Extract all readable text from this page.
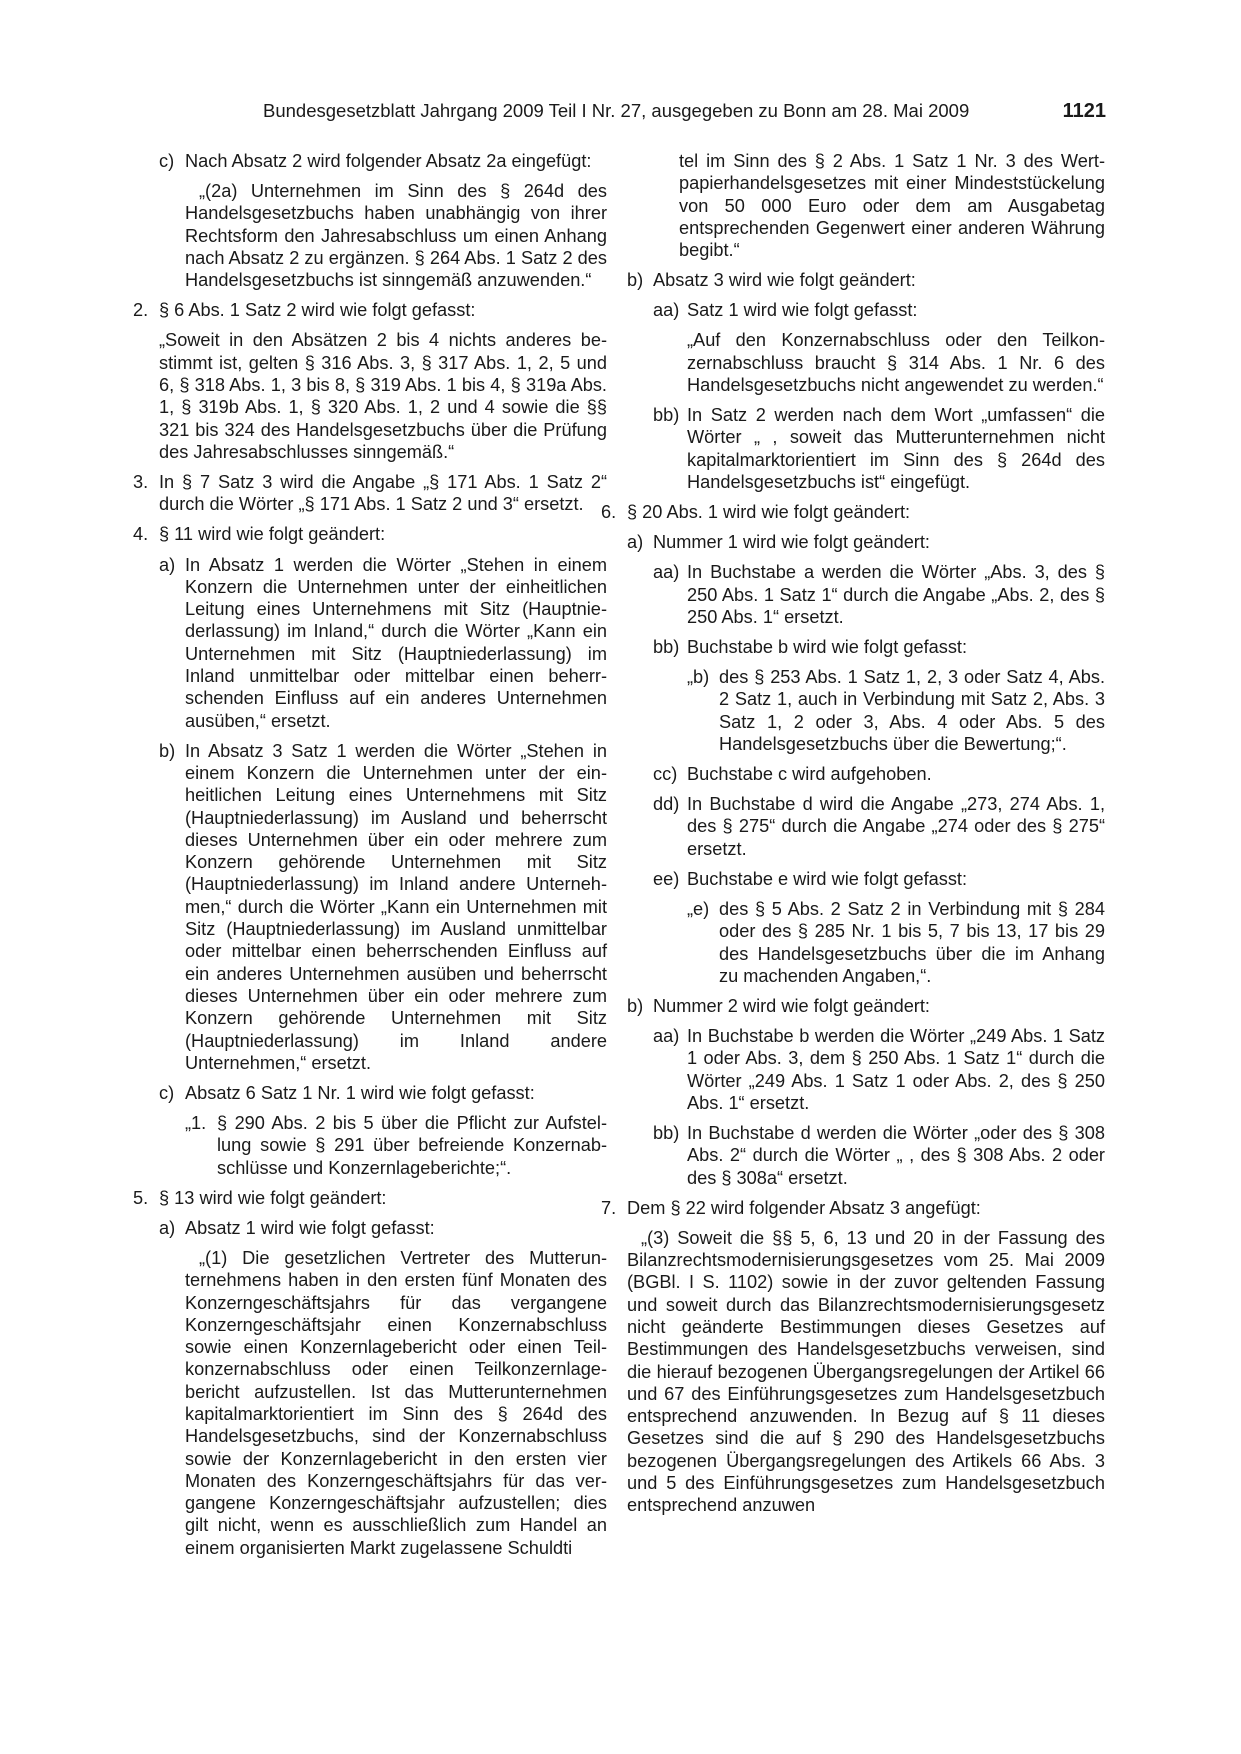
Bundesgesetzblatt Jahrgang 2009 Teil I Nr. 27, ausgegeben zu Bonn am 28. Mai 2009	1121
c) Nach Absatz 2 wird folgender Absatz 2a eingefügt:
„(2a) Unternehmen im Sinn des § 264d des Handelsgesetzbuchs haben unabhängig von ihrer Rechtsform den Jahresabschluss um einen Anhang nach Absatz 2 zu ergänzen. § 264 Abs. 1 Satz 2 des Handelsgesetzbuchs ist sinngemäß anzuwenden.“
2. § 6 Abs. 1 Satz 2 wird wie folgt gefasst:
„Soweit in den Absätzen 2 bis 4 nichts anderes bestimmt ist, gelten § 316 Abs. 3, § 317 Abs. 1, 2, 5 und 6, § 318 Abs. 1, 3 bis 8, § 319 Abs. 1 bis 4, § 319a Abs. 1, § 319b Abs. 1, § 320 Abs. 1, 2 und 4 sowie die §§ 321 bis 324 des Handelsgesetzbuchs über die Prüfung des Jahresabschlusses sinngemäß.“
3. In § 7 Satz 3 wird die Angabe „§ 171 Abs. 1 Satz 2“ durch die Wörter „§ 171 Abs. 1 Satz 2 und 3“ ersetzt.
4. § 11 wird wie folgt geändert:
a) In Absatz 1 werden die Wörter „Stehen in einem Konzern die Unternehmen unter der einheitlichen Leitung eines Unternehmens mit Sitz (Hauptniederlassung) im Inland,“ durch die Wörter „Kann ein Unternehmen mit Sitz (Hauptniederlassung) im Inland unmittelbar oder mittelbar einen beherrschenden Einfluss auf ein anderes Unternehmen ausüben,“ ersetzt.
b) In Absatz 3 Satz 1 werden die Wörter „Stehen in einem Konzern die Unternehmen unter der einheitlichen Leitung eines Unternehmens mit Sitz (Hauptniederlassung) im Ausland und beherrscht dieses Unternehmen über ein oder mehrere zum Konzern gehörende Unternehmen mit Sitz (Hauptniederlassung) im Inland andere Unternehmen,“ durch die Wörter „Kann ein Unternehmen mit Sitz (Hauptniederlassung) im Ausland unmittelbar oder mittelbar einen beherrschenden Einfluss auf ein anderes Unternehmen ausüben und beherrscht dieses Unternehmen über ein oder mehrere zum Konzern gehörende Unternehmen mit Sitz (Hauptniederlassung) im Inland andere Unternehmen,“ ersetzt.
c) Absatz 6 Satz 1 Nr. 1 wird wie folgt gefasst:
„1. § 290 Abs. 2 bis 5 über die Pflicht zur Aufstellung sowie § 291 über befreiende Konzernabschlüsse und Konzernlageberichte;“.
5. § 13 wird wie folgt geändert:
a) Absatz 1 wird wie folgt gefasst:
„(1) Die gesetzlichen Vertreter des Mutterunternehmens haben in den ersten fünf Monaten des Konzerngeschäftsjahrs für das vergangene Konzerngeschäftsjahr einen Konzernabschluss sowie einen Konzernlagebericht oder einen Teilkonzernabschluss oder einen Teilkonzernlagebericht aufzustellen. Ist das Mutterunternehmen kapitalmarktorientiert im Sinn des § 264d des Handelsgesetzbuchs, sind der Konzernabschluss sowie der Konzernlagebericht in den ersten vier Monaten des Konzerngeschäftsjahrs für das vergangene Konzerngeschäftsjahr aufzustellen; dies gilt nicht, wenn es ausschließlich zum Handel an einem organisierten Markt zugelassene Schuldti
tel im Sinn des § 2 Abs. 1 Satz 1 Nr. 3 des Wertpapierhandelsgesetzes mit einer Mindeststückelung von 50 000 Euro oder dem am Ausgabetag entsprechenden Gegenwert einer anderen Währung begibt.“
b) Absatz 3 wird wie folgt geändert:
aa) Satz 1 wird wie folgt gefasst:
„Auf den Konzernabschluss oder den Teilkonzernabschluss braucht § 314 Abs. 1 Nr. 6 des Handelsgesetzbuchs nicht angewendet zu werden.“
bb) In Satz 2 werden nach dem Wort „umfassen“ die Wörter „ , soweit das Mutterunternehmen nicht kapitalmarktorientiert im Sinn des § 264d des Handelsgesetzbuchs ist“ eingefügt.
6. § 20 Abs. 1 wird wie folgt geändert:
a) Nummer 1 wird wie folgt geändert:
aa) In Buchstabe a werden die Wörter „Abs. 3, des § 250 Abs. 1 Satz 1“ durch die Angabe „Abs. 2, des § 250 Abs. 1“ ersetzt.
bb) Buchstabe b wird wie folgt gefasst:
„b) des § 253 Abs. 1 Satz 1, 2, 3 oder Satz 4, Abs. 2 Satz 1, auch in Verbindung mit Satz 2, Abs. 3 Satz 1, 2 oder 3, Abs. 4 oder Abs. 5 des Handelsgesetzbuchs über die Bewertung;“.
cc) Buchstabe c wird aufgehoben.
dd) In Buchstabe d wird die Angabe „273, 274 Abs. 1, des § 275“ durch die Angabe „274 oder des § 275“ ersetzt.
ee) Buchstabe e wird wie folgt gefasst:
„e) des § 5 Abs. 2 Satz 2 in Verbindung mit § 284 oder des § 285 Nr. 1 bis 5, 7 bis 13, 17 bis 29 des Handelsgesetzbuchs über die im Anhang zu machenden Angaben,“.
b) Nummer 2 wird wie folgt geändert:
aa) In Buchstabe b werden die Wörter „249 Abs. 1 Satz 1 oder Abs. 3, dem § 250 Abs. 1 Satz 1“ durch die Wörter „249 Abs. 1 Satz 1 oder Abs. 2, des § 250 Abs. 1“ ersetzt.
bb) In Buchstabe d werden die Wörter „oder des § 308 Abs. 2“ durch die Wörter „ , des § 308 Abs. 2 oder des § 308a“ ersetzt.
7. Dem § 22 wird folgender Absatz 3 angefügt:
„(3) Soweit die §§ 5, 6, 13 und 20 in der Fassung des Bilanzrechtsmodernisierungsgesetzes vom 25. Mai 2009 (BGBl. I S. 1102) sowie in der zuvor geltenden Fassung und soweit durch das Bilanzrechtsmodernisierungsgesetz nicht geänderte Bestimmungen dieses Gesetzes auf Bestimmungen des Handelsgesetzbuchs verweisen, sind die hierauf bezogenen Übergangsregelungen der Artikel 66 und 67 des Einführungsgesetzes zum Handelsgesetzbuch entsprechend anzuwenden. In Bezug auf § 11 dieses Gesetzes sind die auf § 290 des Handelsgesetzbuchs bezogenen Übergangsregelungen des Artikels 66 Abs. 3 und 5 des Einführungsgesetzes zum Handelsgesetzbuch entsprechend anzuwen
